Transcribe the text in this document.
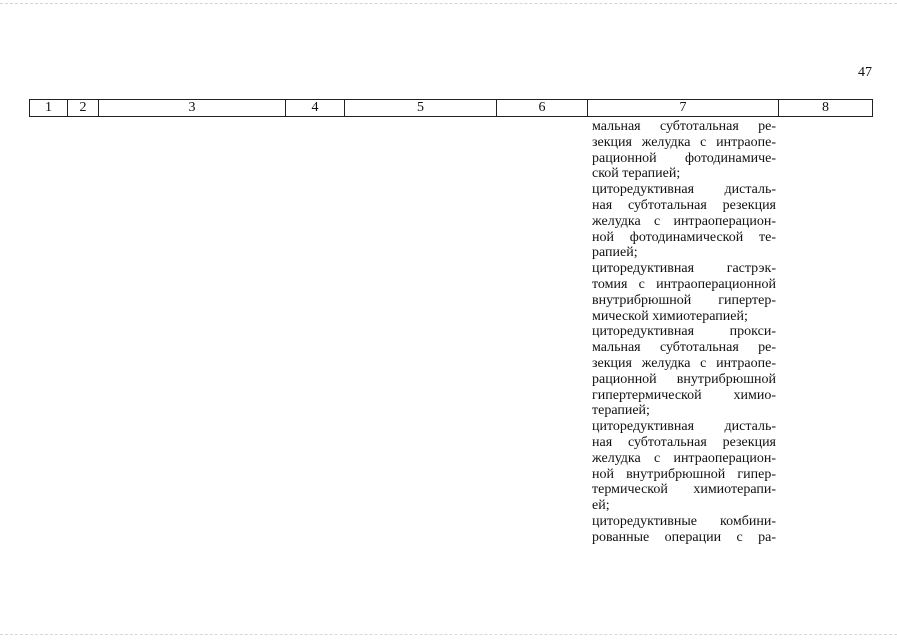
47
1	2	3	4	5	6	7	8
мальная субтотальная ре-
зекция желудка с интраопе-
рационной фотодинамиче-
ской терапией;
циторедуктивная дисталь-
ная субтотальная резекция
желудка с интраоперацион-
ной фотодинамической те-
рапией;
циторедуктивная гастрэк-
томия с интраоперационной
внутрибрюшной гипертер-
мической химиотерапией;
циторедуктивная прокси-
мальная субтотальная ре-
зекция желудка с интраопе-
рационной внутрибрюшной
гипертермической химио-
терапией;
циторедуктивная дисталь-
ная субтотальная резекция
желудка с интраоперацион-
ной внутрибрюшной гипер-
термической химиотерапи-
ей;
циторедуктивные комбини-
рованные операции с ра-
